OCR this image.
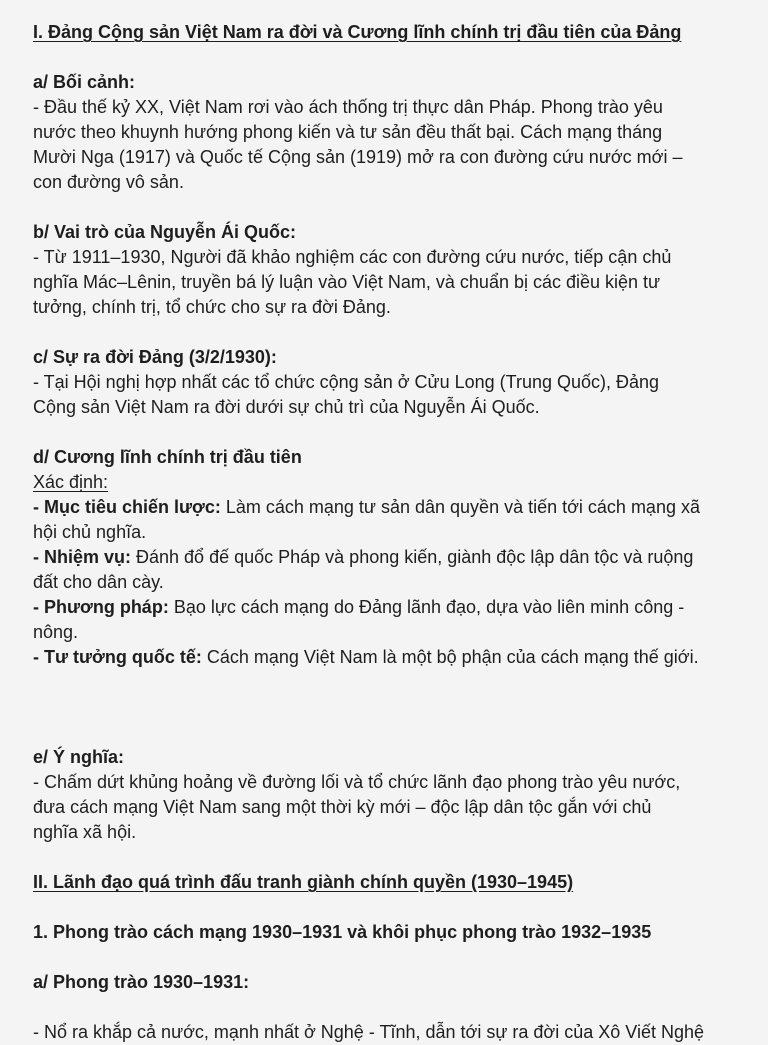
I. Đảng Cộng sản Việt Nam ra đời và Cương lĩnh chính trị đầu tiên của Đảng
a/ Bối cảnh:
- Đầu thế kỷ XX, Việt Nam rơi vào ách thống trị thực dân Pháp. Phong trào yêu
nước theo khuynh hướng phong kiến và tư sản đều thất bại. Cách mạng tháng
Mười Nga (1917) và Quốc tế Cộng sản (1919) mở ra con đường cứu nước mới –
con đường vô sản.
b/ Vai trò của Nguyễn Ái Quốc:
- Từ 1911–1930, Người đã khảo nghiệm các con đường cứu nước, tiếp cận chủ
nghĩa Mác–Lênin, truyền bá lý luận vào Việt Nam, và chuẩn bị các điều kiện tư
tưởng, chính trị, tổ chức cho sự ra đời Đảng.
c/ Sự ra đời Đảng (3/2/1930):
- Tại Hội nghị hợp nhất các tổ chức cộng sản ở Cửu Long (Trung Quốc), Đảng
Cộng sản Việt Nam ra đời dưới sự chủ trì của Nguyễn Ái Quốc.
d/ Cương lĩnh chính trị đầu tiên
Xác định:
- Mục tiêu chiến lược: Làm cách mạng tư sản dân quyền và tiến tới cách mạng xã
hội chủ nghĩa.
- Nhiệm vụ: Đánh đổ đế quốc Pháp và phong kiến, giành độc lập dân tộc và ruộng
đất cho dân cày.
- Phương pháp: Bạo lực cách mạng do Đảng lãnh đạo, dựa vào liên minh công -
nông.
- Tư tưởng quốc tế: Cách mạng Việt Nam là một bộ phận của cách mạng thế giới.
e/ Ý nghĩa:
- Chấm dứt khủng hoảng về đường lối và tổ chức lãnh đạo phong trào yêu nước,
đưa cách mạng Việt Nam sang một thời kỳ mới – độc lập dân tộc gắn với chủ
nghĩa xã hội.
II. Lãnh đạo quá trình đấu tranh giành chính quyền (1930–1945)
1. Phong trào cách mạng 1930–1931 và khôi phục phong trào 1932–1935
a/ Phong trào 1930–1931:
- Nổ ra khắp cả nước, mạnh nhất ở Nghệ - Tĩnh, dẫn tới sự ra đời của Xô Viết Nghệ
